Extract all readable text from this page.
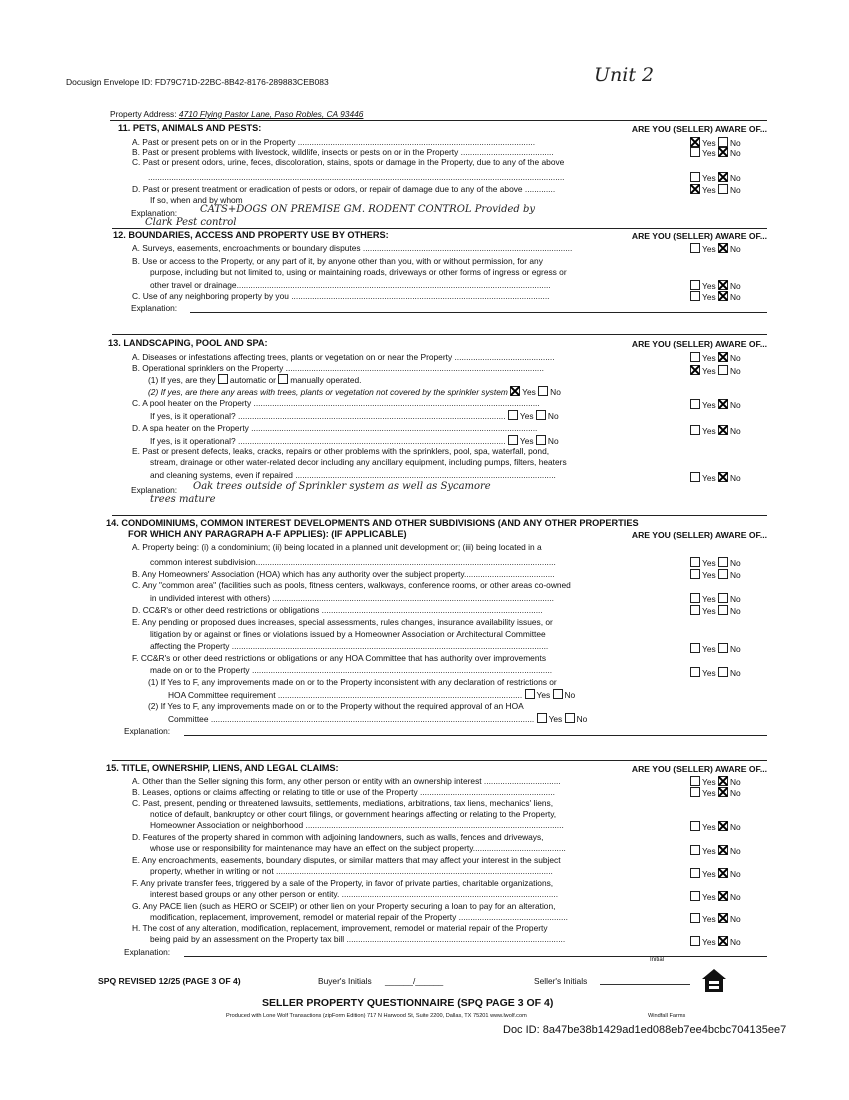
Docusign Envelope ID: FD79C71D-22BC-8B42-8176-289883CEB083	Unit 2
Property Address: 4710 Flying Pastor Lane, Paso Robles, CA 93446
11. PETS, ANIMALS AND PESTS:	ARE YOU (SELLER) AWARE OF...
A. Past or present pets on or in the Property ......................................................................................................	Yes No
B. Past or present problems with livestock, wildlife, insects or pests on or in the Property ........................................	Yes No
C. Past or present odors, urine, feces, discoloration, stains, spots or damage in the Property, due to any of the above
...................................................................................................................................................................................	Yes No
D. Past or present treatment or eradication of pests or odors, or repair of damage due to any of the above .............	Yes No
If so, when and by whom
Explanation: CATS+DOGS ON PREMISE GM. RODENT CONTROL Provided by
Clark Pest control
12. BOUNDARIES, ACCESS AND PROPERTY USE BY OTHERS:	ARE YOU (SELLER) AWARE OF...
A. Surveys, easements, encroachments or boundary disputes ..........................................................................................	Yes No
B. Use or access to the Property, or any part of it, by anyone other than you, with or without permission, for any
purpose, including but not limited to, using or maintaining roads, driveways or other forms of ingress or egress or
other travel or drainage.......................................................................................................................................	Yes No
C. Use of any neighboring property by you ...............................................................................................................	Yes No
Explanation:
13. LANDSCAPING, POOL AND SPA:	ARE YOU (SELLER) AWARE OF...
A. Diseases or infestations affecting trees, plants or vegetation on or near the Property ...........................................	Yes No
B. Operational sprinklers on the Property ...............................................................................................................	Yes No
(1) If yes, are they automatic or manually operated.
(2) If yes, are there any areas with trees, plants or vegetation not covered by the sprinkler system Yes No
C. A pool heater on the Property ...........................................................................................................................	Yes No
If yes, is it operational? ................................................................................................................... Yes No
D. A spa heater on the Property ...........................................................................................................................	Yes No
If yes, is it operational? ................................................................................................................... Yes No
E. Past or present defects, leaks, cracks, repairs or other problems with the sprinklers, pool, spa, waterfall, pond,
stream, drainage or other water-related decor including any ancillary equipment, including pumps, filters, heaters
and cleaning systems, even if repaired ................................................................................................................	Yes No
Explanation: Oak trees outside of Sprinkler system as well as Sycamore
trees mature
14. CONDOMINIUMS, COMMON INTEREST DEVELOPMENTS AND OTHER SUBDIVISIONS (AND ANY OTHER PROPERTIES
FOR WHICH ANY PARAGRAPH A-F APPLIES): (IF APPLICABLE)	ARE YOU (SELLER) AWARE OF...
A. Property being: (i) a condominium; (ii) being located in a planned unit development or; (iii) being located in a
common interest subdivision.................................................................................................................................	Yes No
B. Any Homeowners' Association (HOA) which has any authority over the subject property.......................................	Yes No
C. Any "common area" (facilities such as pools, fitness centers, walkways, conference rooms, or other areas co-owned
in undivided interest with others) .........................................................................................................................	Yes No
D. CC&R's or other deed restrictions or obligations ...............................................................................................	Yes No
E. Any pending or proposed dues increases, special assessments, rules changes, insurance availability issues, or
litigation by or against or fines or violations issued by a Homeowner Association or Architectural Committee
affecting the Property ........................................................................................................................................	Yes No
F. CC&R's or other deed restrictions or obligations or any HOA Committee that has authority over improvements
made on or to the Property .................................................................................................................................	Yes No
(1) If Yes to F, any improvements made on or to the Property inconsistent with any declaration of restrictions or
HOA Committee requirement ......................................................................................................... Yes No
(2) If Yes to F, any improvements made on or to the Property without the required approval of an HOA
Committee ........................................................................................................................................... Yes No
Explanation:
15. TITLE, OWNERSHIP, LIENS, AND LEGAL CLAIMS:	ARE YOU (SELLER) AWARE OF...
A. Other than the Seller signing this form, any other person or entity with an ownership interest .................................	Yes No
B. Leases, options or claims affecting or relating to title or use of the Property ..........................................................	Yes No
C. Past, present, pending or threatened lawsuits, settlements, mediations, arbitrations, tax liens, mechanics' liens,
notice of default, bankruptcy or other court filings, or government hearings affecting or relating to the Property,
Homeowner Association or neighborhood ...............................................................................................................	Yes No
D. Features of the property shared in common with adjoining landowners, such as walls, fences and driveways,
whose use or responsibility for maintenance may have an effect on the subject property........................................	Yes No
E. Any encroachments, easements, boundary disputes, or similar matters that may affect your interest in the subject
property, whether in writing or not .......................................................................................................................	Yes No
F. Any private transfer fees, triggered by a sale of the Property, in favor of private parties, charitable organizations,
interest based groups or any other person or entity. .............................................................................................	Yes No
G. Any PACE lien (such as HERO or SCEIP) or other lien on your Property securing a loan to pay for an alteration,
modification, replacement, improvement, remodel or material repair of the Property ...............................................	Yes No
H. The cost of any alteration, modification, replacement, improvement, remodel or material repair of the Property
being paid by an assessment on the Property tax bill ..............................................................................................	Yes No
Explanation:
SPQ REVISED 12/25 (PAGE 3 OF 4)	Buyer's Initials ______/______	Seller's Initials
Initial
SELLER PROPERTY QUESTIONNAIRE (SPQ PAGE 3 OF 4)
Produced with Lone Wolf Transactions (zipForm Edition) 717 N Harwood St, Suite 2200, Dallas, TX 75201 www.lwolf.com	Windfall Farms
Doc ID: 8a47be38b1429ad1ed088eb7ee4bcbc704135ee7
